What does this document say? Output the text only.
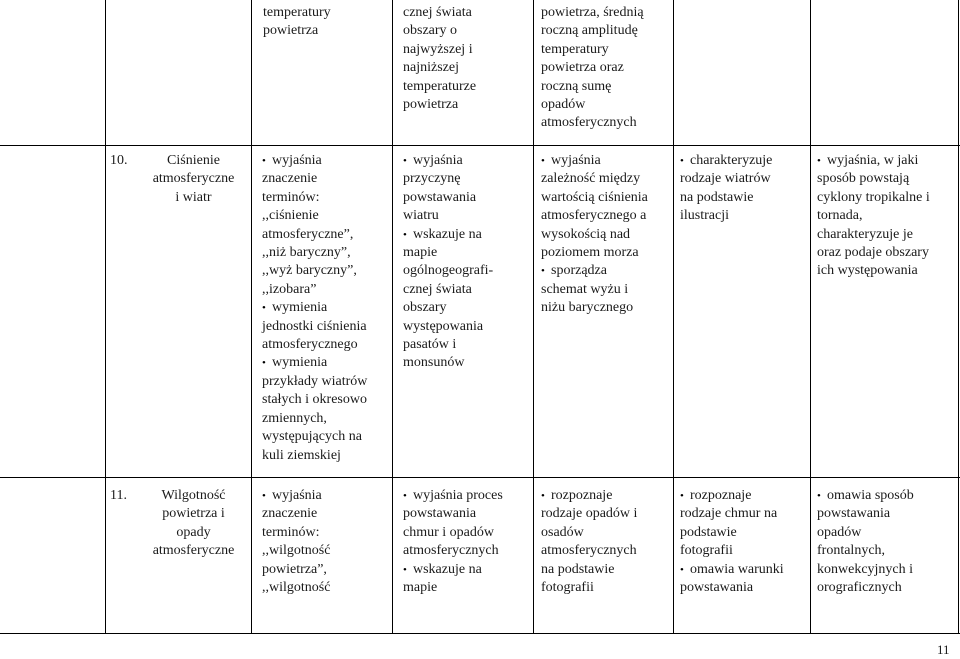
10.
11.
temperatury
powietrza
cznej świata
obszary o
najwyższej i
najniższej
temperaturze
powietrza
powietrza, średnią
roczną amplitudę
temperatury
powietrza oraz
roczną sumę
opadów
atmosferycznych
Ciśnienie
atmosferyczne
i wiatr
• wyjaśnia
znaczenie
terminów:
,,ciśnienie
atmosferyczne”,
,,niż baryczny”,
,,wyż baryczny”,
,,izobara”
• wymienia
jednostki ciśnienia
atmosferycznego
• wymienia
przykłady wiatrów
stałych i okresowo
zmiennych,
występujących na
kuli ziemskiej
• wyjaśnia
przyczynę
powstawania
wiatru
• wskazuje na
mapie
ogólnogeografi-
cznej świata
obszary
występowania
pasatów i
monsunów
• wyjaśnia
zależność między
wartością ciśnienia
atmosferycznego a
wysokością nad
poziomem morza
• sporządza
schemat wyżu i
niżu barycznego
• charakteryzuje
rodzaje wiatrów
na podstawie
ilustracji
• wyjaśnia, w jaki
sposób powstają
cyklony tropikalne i
tornada,
charakteryzuje je
oraz podaje obszary
ich występowania
Wilgotność
powietrza i
opady
atmosferyczne
• wyjaśnia
znaczenie
terminów:
,,wilgotność
powietrza”,
,,wilgotność
• wyjaśnia proces
powstawania
chmur i opadów
atmosferycznych
• wskazuje na
mapie
• rozpoznaje
rodzaje opadów i
osadów
atmosferycznych
na podstawie
fotografii
• rozpoznaje
rodzaje chmur na
podstawie
fotografii
• omawia warunki
powstawania
• omawia sposób
powstawania
opadów
frontalnych,
konwekcyjnych i
orograficznych
11
